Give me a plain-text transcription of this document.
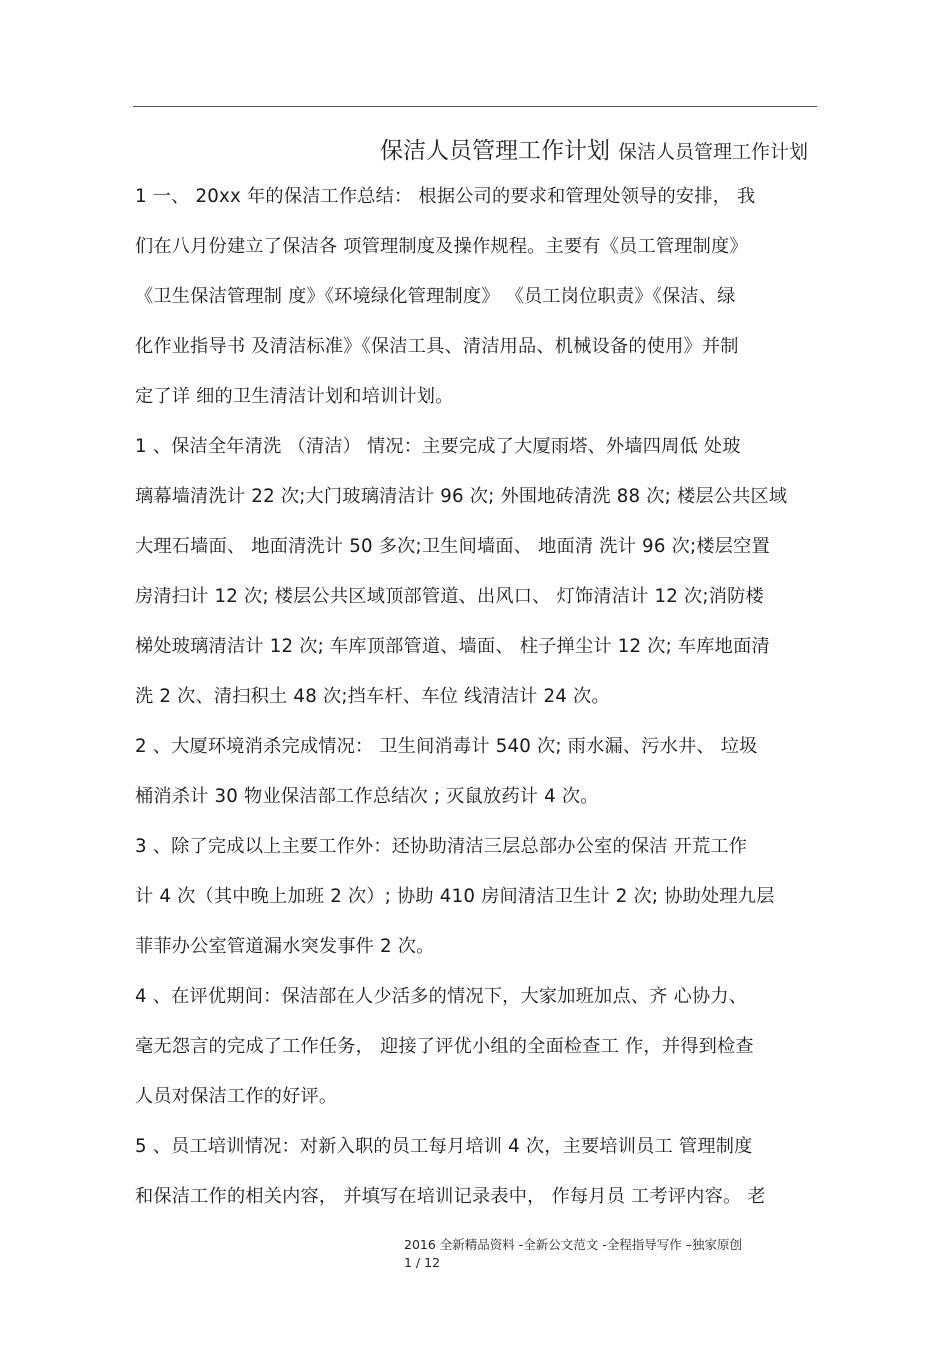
保洁人员管理工作计划 保洁人员管理工作计划
1 一、 20xx 年的保洁工作总结： 根据公司的要求和管理处领导的安排， 我
们在八月份建立了保洁各 项管理制度及操作规程。主要有《员工管理制度》
《卫生保洁管理制 度》《环境绿化管理制度》 《员工岗位职责》《保洁、绿
化作业指导书 及清洁标准》《保洁工具、清洁用品、机械设备的使用》并制
定了详 细的卫生清洁计划和培训计划。
1 、保洁全年清洗 （清洁） 情况：主要完成了大厦雨塔、外墙四周低 处玻
璃幕墙清洗计 22 次;大门玻璃清洁计 96 次; 外围地砖清洗 88 次; 楼层公共区域
大理石墙面、 地面清洗计 50 多次;卫生间墙面、 地面清 洗计 96 次;楼层空置
房清扫计 12 次; 楼层公共区域顶部管道、出风口、 灯饰清洁计 12 次;消防楼
梯处玻璃清洁计 12 次; 车库顶部管道、墙面、 柱子掸尘计 12 次; 车库地面清
洗 2 次、清扫积土 48 次;挡车杆、车位 线清洁计 24 次。
2 、大厦环境消杀完成情况： 卫生间消毒计 540 次; 雨水漏、污水井、 垃圾
桶消杀计 30 物业保洁部工作总结次 ; 灭鼠放药计 4 次。
3 、除了完成以上主要工作外：还协助清洁三层总部办公室的保洁 开荒工作
计 4 次（其中晚上加班 2 次）; 协助 410 房间清洁卫生计 2 次; 协助处理九层
菲菲办公室管道漏水突发事件 2 次。
4 、在评优期间：保洁部在人少活多的情况下，大家加班加点、齐 心协力、
毫无怨言的完成了工作任务， 迎接了评优小组的全面检查工 作，并得到检查
人员对保洁工作的好评。
5 、员工培训情况：对新入职的员工每月培训 4 次，主要培训员工 管理制度
和保洁工作的相关内容， 并填写在培训记录表中， 作每月员 工考评内容。 老
2016 全新精品资料 -全新公文范文 -全程指导写作 –独家原创
1 / 12
